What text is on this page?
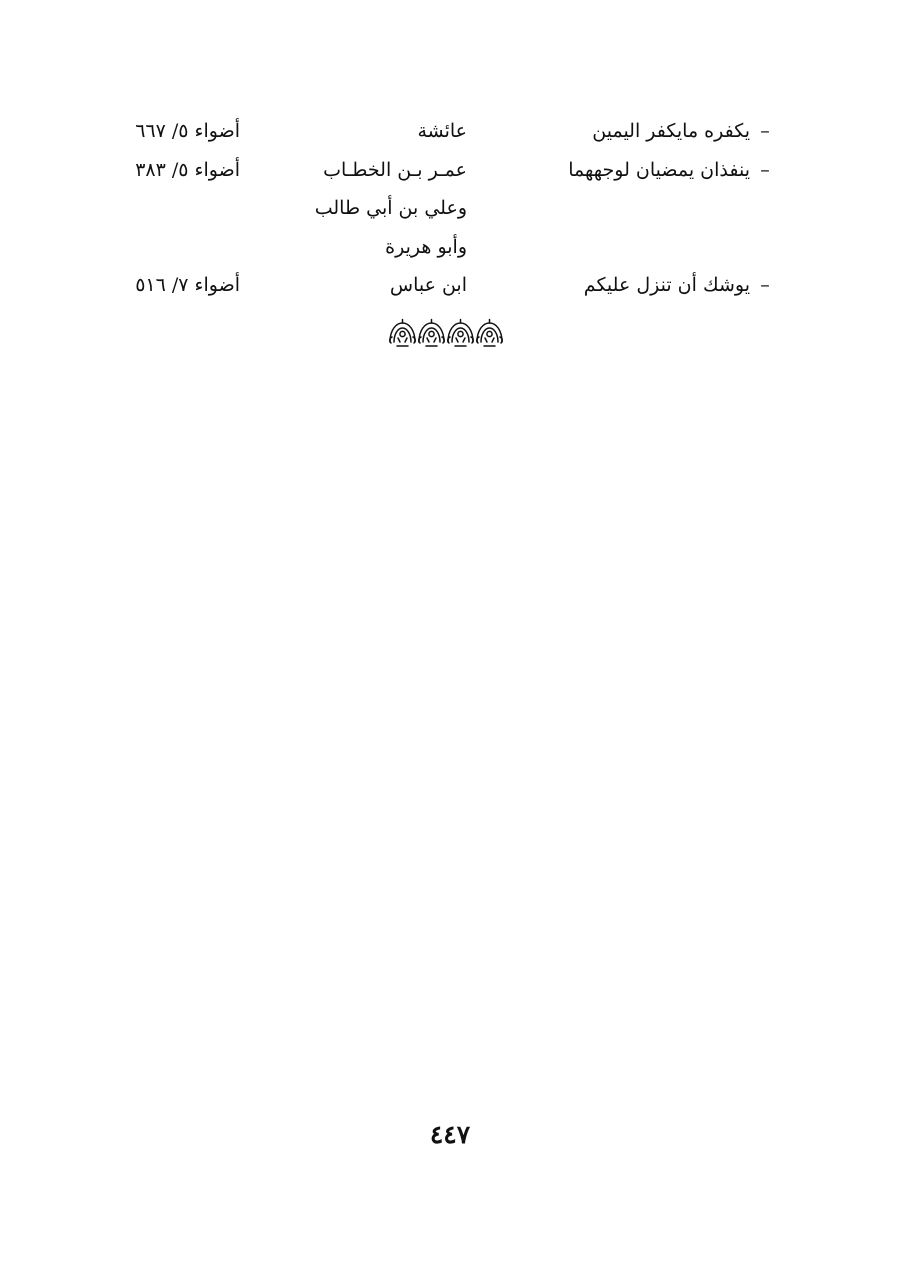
–
يكفره مايكفر اليمين
عائشة
أضواء ٥/ ٦٦٧
–
ينفذان يمضيان لوجههما
عمـر بـن الخطـاب
وعلي بن أبي طالب
وأبو هريرة
أضواء ٥/ ٣٨٣
–
يوشك أن تنزل عليكم
ابن عباس
أضواء ٧/ ٥١٦
٤٤٧
